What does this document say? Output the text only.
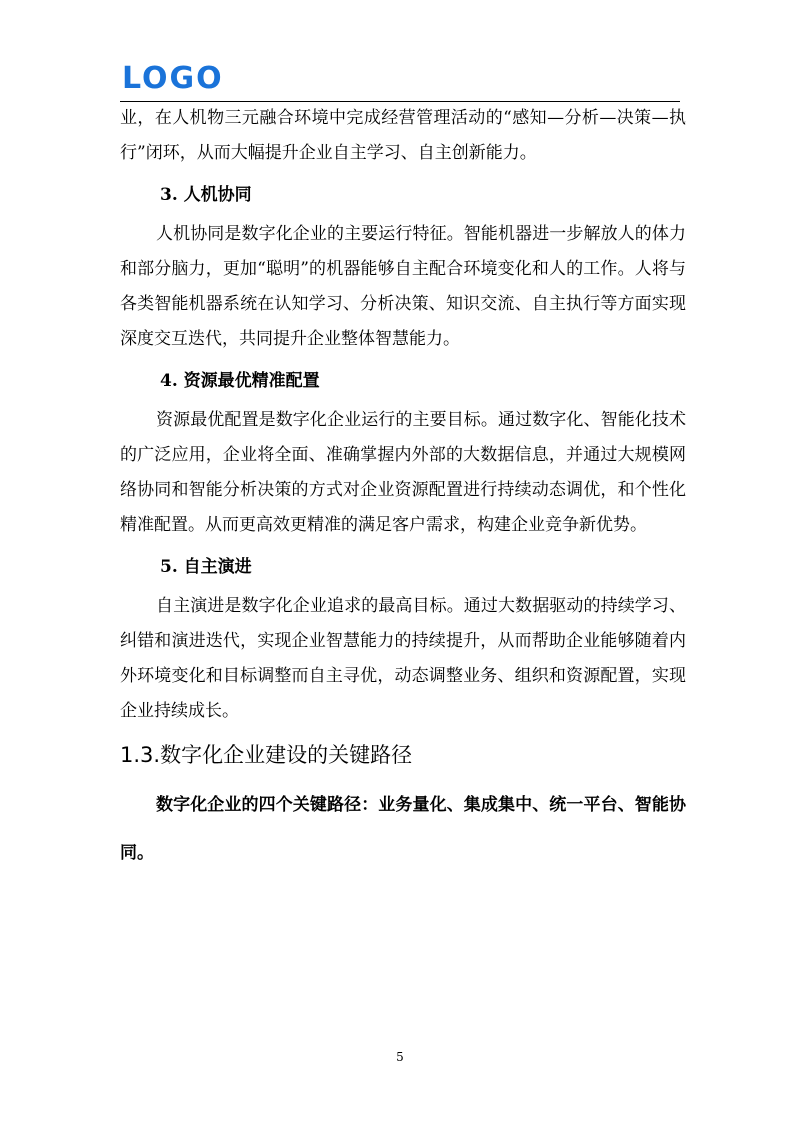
LOGO

业，在人机物三元融合环境中完成经营管理活动的“感知—分析—决策—执行”闭环，从而大幅提升企业自主学习、自主创新能力。

3. 人机协同

人机协同是数字化企业的主要运行特征。智能机器进一步解放人的体力和部分脑力，更加“聪明”的机器能够自主配合环境变化和人的工作。人将与各类智能机器系统在认知学习、分析决策、知识交流、自主执行等方面实现深度交互迭代，共同提升企业整体智慧能力。

4. 资源最优精准配置

资源最优配置是数字化企业运行的主要目标。通过数字化、智能化技术的广泛应用，企业将全面、准确掌握内外部的大数据信息，并通过大规模网络协同和智能分析决策的方式对企业资源配置进行持续动态调优，和个性化精准配置。从而更高效更精准的满足客户需求，构建企业竞争新优势。

5. 自主演进

自主演进是数字化企业追求的最高目标。通过大数据驱动的持续学习、纠错和演进迭代，实现企业智慧能力的持续提升，从而帮助企业能够随着内外环境变化和目标调整而自主寻优，动态调整业务、组织和资源配置，实现企业持续成长。

1.3.数字化企业建设的关键路径

数字化企业的四个关键路径：业务量化、集成集中、统一平台、智能协同。

5
